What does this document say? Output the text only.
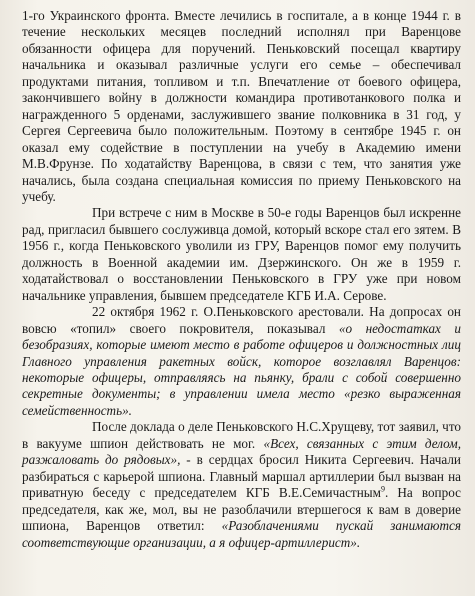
1-го Украинского фронта. Вместе лечились в госпитале, а в конце 1944 г. в течение нескольких месяцев последний исполнял при Варенцове обязанности офицера для поручений. Пеньковский посещал квартиру начальника и оказывал различные услуги его семье – обеспечивал продуктами питания, топливом и т.п. Впечатление от боевого офицера, закончившего войну в должности командира противотанкового полка и награжденного 5 орденами, заслужившего звание полковника в 31 год, у Сергея Сергеевича было положительным. Поэтому в сентябре 1945 г. он оказал ему содействие в поступлении на учебу в Академию имени М.В.Фрунзе. По ходатайству Варенцова, в связи с тем, что занятия уже начались, была создана специальная комиссия по приему Пеньковского на учебу.

При встрече с ним в Москве в 50-е годы Варенцов был искренне рад, пригласил бывшего сослуживца домой, который вскоре стал его зятем. В 1956 г., когда Пеньковского уволили из ГРУ, Варенцов помог ему получить должность в Военной академии им. Дзержинского. Он же в 1959 г. ходатайствовал о восстановлении Пеньковского в ГРУ уже при новом начальнике управления, бывшем председателе КГБ И.А. Серове.

22 октября 1962 г. О.Пеньковского арестовали. На допросах он вовсю «топил» своего покровителя, показывал «о недостатках и безобразиях, которые имеют место в работе офицеров и должностных лиц Главного управления ракетных войск, которое возглавлял Варенцов: некоторые офицеры, отправляясь на пьянку, брали с собой совершенно секретные документы; в управлении имела место «резко выраженная семейственность».

После доклада о деле Пеньковского Н.С.Хрущеву, тот заявил, что в вакууме шпион действовать не мог. «Всех, связанных с этим делом, разжаловать до рядовых», - в сердцах бросил Никита Сергеевич. Начали разбираться с карьерой шпиона. Главный маршал артиллерии был вызван на приватную беседу с председателем КГБ В.Е.Семичастным$^9$. На вопрос председателя, как же, мол, вы не разоблачили втершегося к вам в доверие шпиона, Варенцов ответил: «Разоблачениями пускай занимаются соответствующие организации, а я офицер-артиллерист».
